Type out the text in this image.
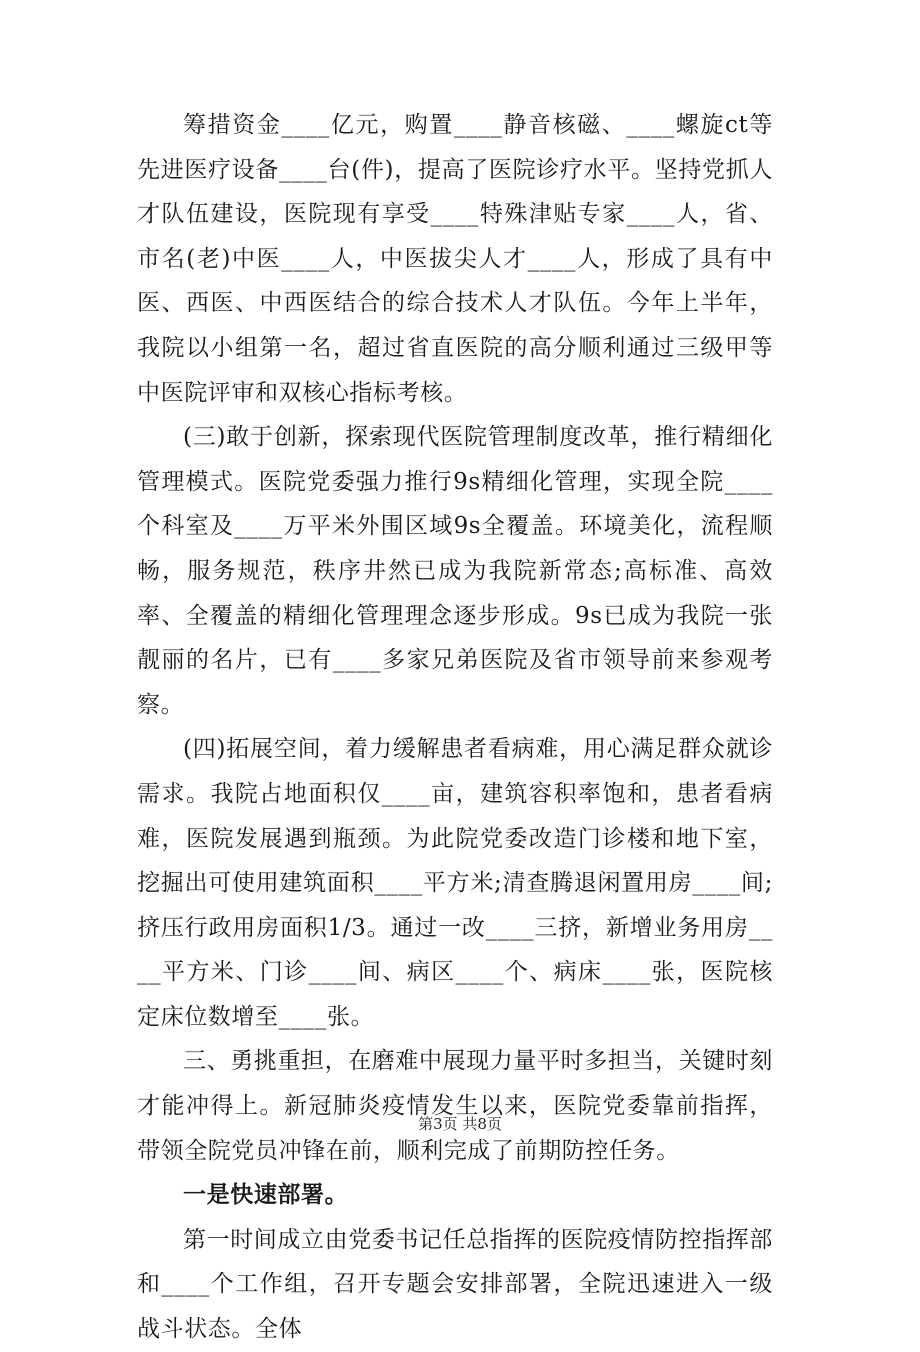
筹措资金____亿元，购置____静音核磁、____螺旋ct等先进医疗设备____台(件)，提高了医院诊疗水平。坚持党抓人才队伍建设，医院现有享受____特殊津贴专家____人，省、市名(老)中医____人，中医拔尖人才____人，形成了具有中医、西医、中西医结合的综合技术人才队伍。今年上半年，我院以小组第一名，超过省直医院的高分顺利通过三级甲等中医院评审和双核心指标考核。

(三)敢于创新，探索现代医院管理制度改革，推行精细化管理模式。医院党委强力推行9s精细化管理，实现全院____个科室及____万平米外围区域9s全覆盖。环境美化，流程顺畅，服务规范，秩序井然已成为我院新常态;高标准、高效率、全覆盖的精细化管理理念逐步形成。9s已成为我院一张靓丽的名片，已有____多家兄弟医院及省市领导前来参观考察。

(四)拓展空间，着力缓解患者看病难，用心满足群众就诊需求。我院占地面积仅____亩，建筑容积率饱和，患者看病难，医院发展遇到瓶颈。为此院党委改造门诊楼和地下室，挖掘出可使用建筑面积____平方米;清查腾退闲置用房____间;挤压行政用房面积1/3。通过一改____三挤，新增业务用房____平方米、门诊____间、病区____个、病床____张，医院核定床位数增至____张。

三、勇挑重担，在磨难中展现力量平时多担当，关键时刻才能冲得上。新冠肺炎疫情发生以来，医院党委靠前指挥，带领全院党员冲锋在前，顺利完成了前期防控任务。

一是快速部署。

第一时间成立由党委书记任总指挥的医院疫情防控指挥部和____个工作组，召开专题会安排部署，全院迅速进入一级战斗状态。全体

第3页 共8页
